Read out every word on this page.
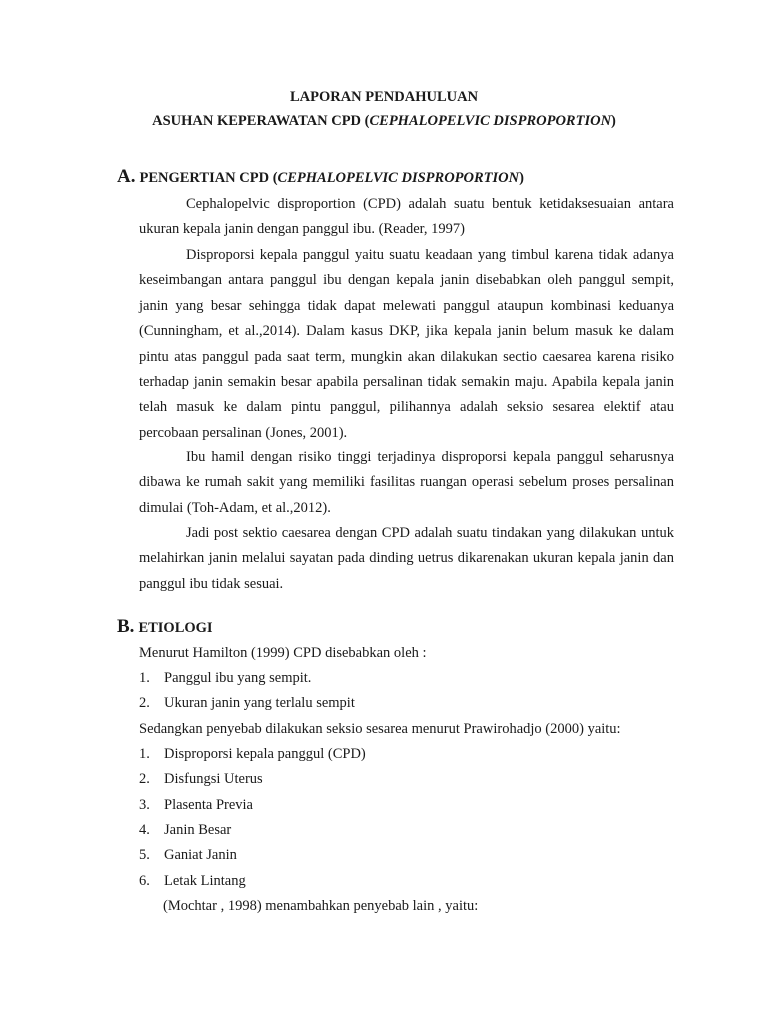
LAPORAN PENDAHULUAN
ASUHAN KEPERAWATAN CPD (CEPHALOPELVIC DISPROPORTION)
A. PENGERTIAN CPD (CEPHALOPELVIC DISPROPORTION)

Cephalopelvic disproportion (CPD) adalah suatu bentuk ketidaksesuaian antara ukuran kepala janin dengan panggul ibu. (Reader, 1997)

Disproporsi kepala panggul yaitu suatu keadaan yang timbul karena tidak adanya keseimbangan antara panggul ibu dengan kepala janin disebabkan oleh panggul sempit, janin yang besar sehingga tidak dapat melewati panggul ataupun kombinasi keduanya (Cunningham, et al.,2014). Dalam kasus DKP, jika kepala janin belum masuk ke dalam pintu atas panggul pada saat term, mungkin akan dilakukan sectio caesarea karena risiko terhadap janin semakin besar apabila persalinan tidak semakin maju. Apabila kepala janin telah masuk ke dalam pintu panggul, pilihannya adalah seksio sesarea elektif atau percobaan persalinan (Jones, 2001).

Ibu hamil dengan risiko tinggi terjadinya disproporsi kepala panggul seharusnya dibawa ke rumah sakit yang memiliki fasilitas ruangan operasi sebelum proses persalinan dimulai (Toh-Adam, et al.,2012).

Jadi post sektio caesarea dengan CPD adalah suatu tindakan yang dilakukan untuk melahirkan janin melalui sayatan pada dinding uetrus dikarenakan ukuran kepala janin dan panggul ibu tidak sesuai.

B. ETIOLOGI
Menurut Hamilton (1999) CPD disebabkan oleh :
1. Panggul ibu yang sempit.
2. Ukuran janin yang terlalu sempit
Sedangkan penyebab dilakukan seksio sesarea menurut Prawirohadjo (2000) yaitu:
1. Disproporsi kepala panggul (CPD)
2. Disfungsi Uterus
3. Plasenta Previa
4. Janin Besar
5. Ganiat Janin
6. Letak Lintang
(Mochtar , 1998) menambahkan penyebab lain , yaitu:
